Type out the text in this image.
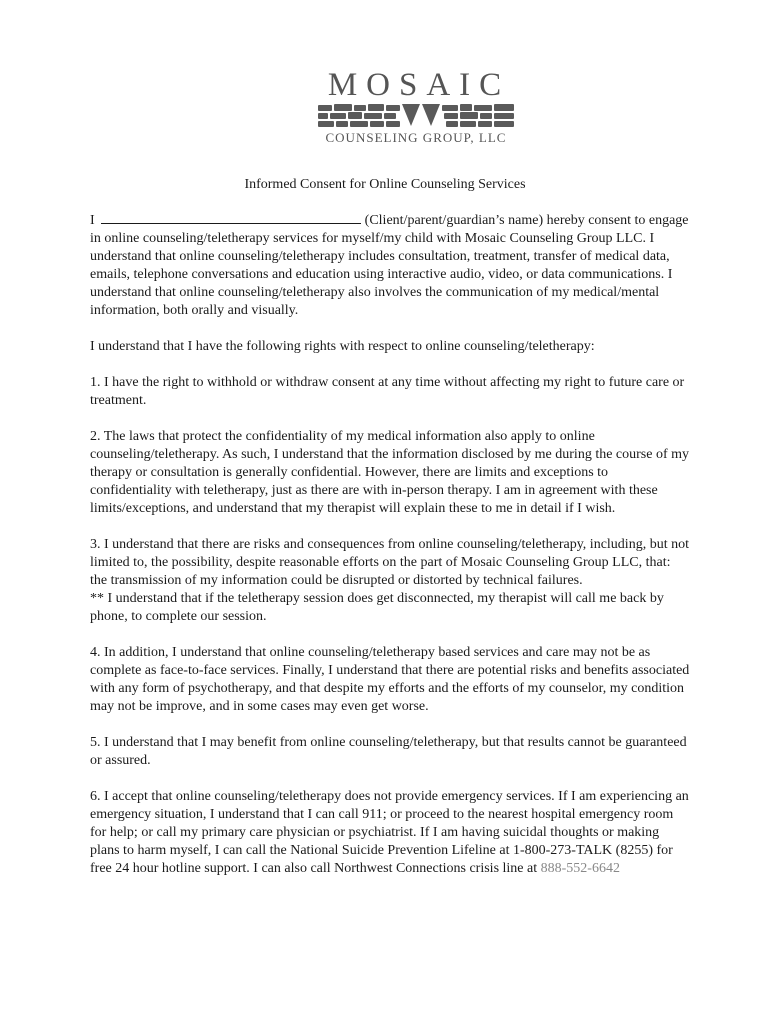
MOSAIC
COUNSELING GROUP, LLC
Informed Consent for Online Counseling Services

I	(Client/parent/guardian’s name) hereby consent to engage in online counseling/teletherapy services for myself/my child with Mosaic Counseling Group LLC. I understand that online counseling/teletherapy includes consultation, treatment, transfer of medical data, emails, telephone conversations and education using interactive audio, video, or data communications. I understand that online counseling/teletherapy also involves the communication of my medical/mental information, both orally and visually.

I understand that I have the following rights with respect to online counseling/teletherapy:

1. I have the right to withhold or withdraw consent at any time without affecting my right to future care or treatment.

2. The laws that protect the confidentiality of my medical information also apply to online counseling/teletherapy. As such, I understand that the information disclosed by me during the course of my therapy or consultation is generally confidential. However, there are limits and exceptions to confidentiality with teletherapy, just as there are with in-person therapy. I am in agreement with these limits/exceptions, and understand that my therapist will explain these to me in detail if I wish.

3. I understand that there are risks and consequences from online counseling/teletherapy, including, but not limited to, the possibility, despite reasonable efforts on the part of Mosaic Counseling Group LLC, that: the transmission of my information could be disrupted or distorted by technical failures.
** I understand that if the teletherapy session does get disconnected, my therapist will call me back by phone, to complete our session.

4. In addition, I understand that online counseling/teletherapy based services and care may not be as complete as face-to-face services. Finally, I understand that there are potential risks and benefits associated with any form of psychotherapy, and that despite my efforts and the efforts of my counselor, my condition may not be improve, and in some cases may even get worse.

5. I understand that I may benefit from online counseling/teletherapy, but that results cannot be guaranteed or assured.

6. I accept that online counseling/teletherapy does not provide emergency services. If I am experiencing an emergency situation, I understand that I can call 911; or proceed to the nearest hospital emergency room for help; or call my primary care physician or psychiatrist. If I am having suicidal thoughts or making plans to harm myself, I can call the National Suicide Prevention Lifeline at 1-800-273-TALK (8255) for free 24 hour hotline support. I can also call Northwest Connections crisis line at 888-552-6642
